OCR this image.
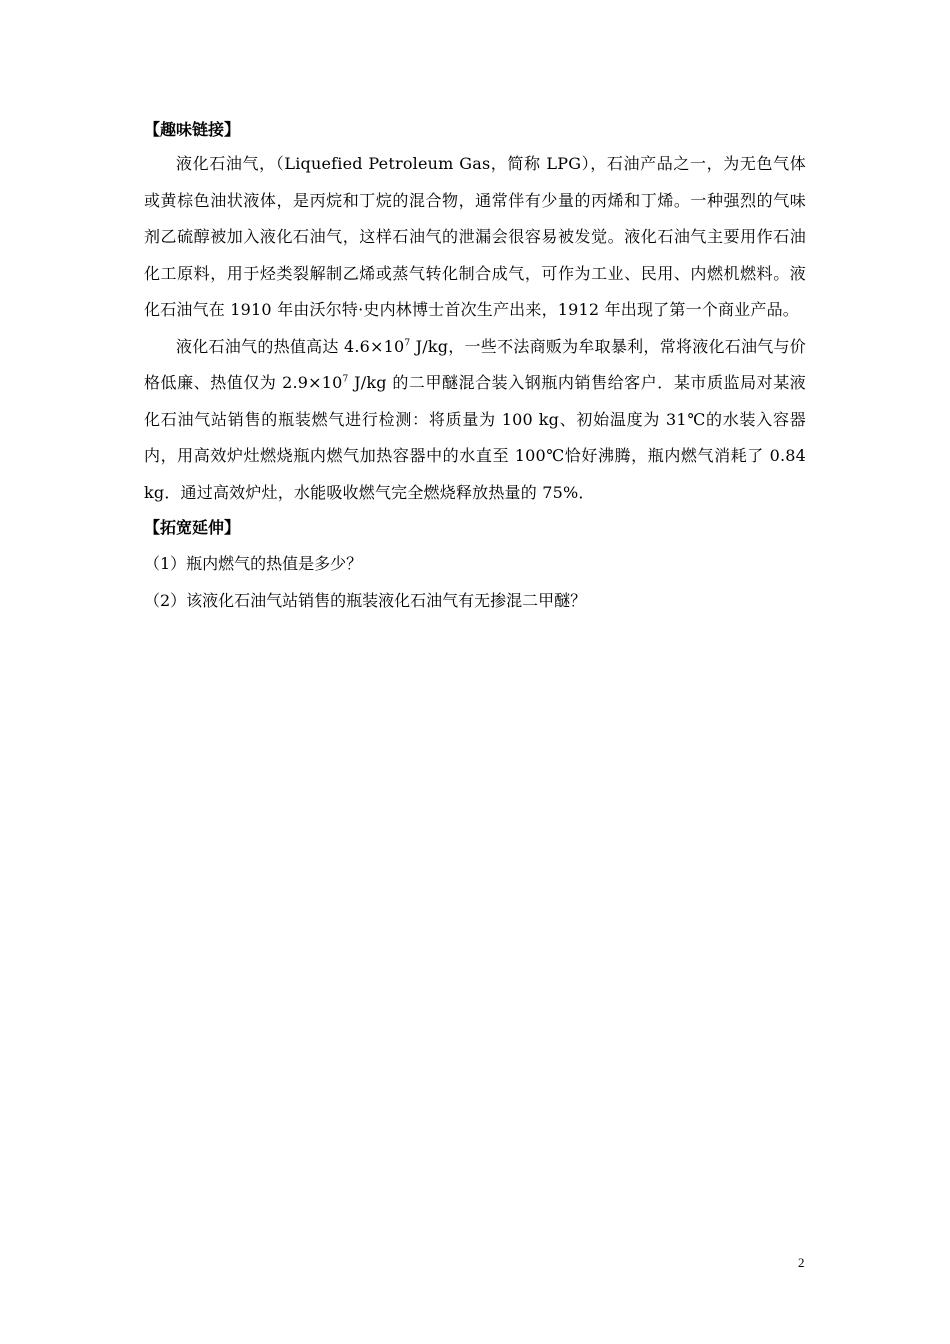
【趣味链接】

液化石油气，（Liquefied Petroleum Gas，简称 LPG），石油产品之一，为无色气体或黄棕色油状液体，是丙烷和丁烷的混合物，通常伴有少量的丙烯和丁烯。一种强烈的气味剂乙硫醇被加入液化石油气，这样石油气的泄漏会很容易被发觉。液化石油气主要用作石油化工原料，用于烃类裂解制乙烯或蒸气转化制合成气，可作为工业、民用、内燃机燃料。液化石油气在 1910 年由沃尔特·史内林博士首次生产出来，1912 年出现了第一个商业产品。

液化石油气的热值高达 $4.6\times 10^7$ J/kg，一些不法商贩为牟取暴利，常将液化石油气与价格低廉、热值仅为 $2.9\times 10^7$ J/kg 的二甲醚混合装入钢瓶内销售给客户．某市质监局对某液化石油气站销售的瓶装燃气进行检测：将质量为 100 kg、初始温度为 31℃的水装入容器内，用高效炉灶燃烧瓶内燃气加热容器中的水直至 100℃恰好沸腾，瓶内燃气消耗了 0.84 kg．通过高效炉灶，水能吸收燃气完全燃烧释放热量的 75%．

【拓宽延伸】
（1）瓶内燃气的热值是多少？
（2）该液化石油气站销售的瓶装液化石油气有无掺混二甲醚？
2
